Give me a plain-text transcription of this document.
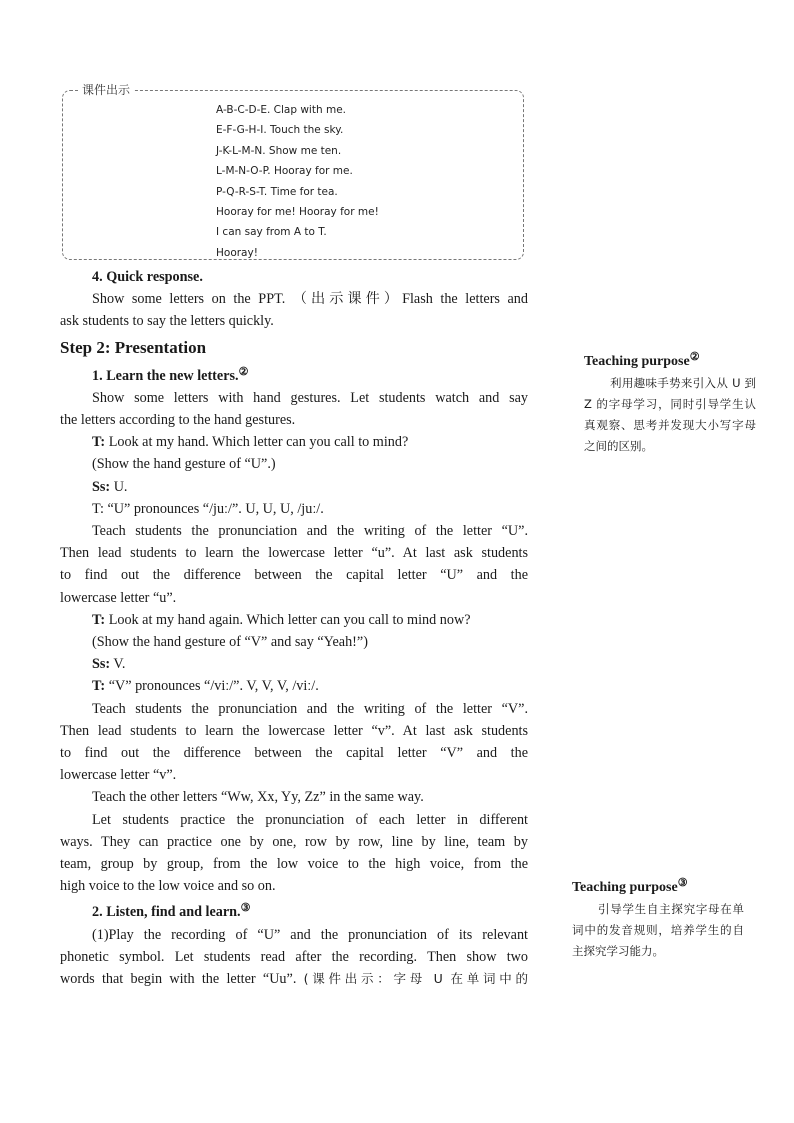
课件出示
A-B-C-D-E. Clap with me.
E-F-G-H-I. Touch the sky.
J-K-L-M-N. Show me ten.
L-M-N-O-P. Hooray for me.
P-Q-R-S-T. Time for tea.
Hooray for me! Hooray for me!
I can say from A to T.
Hooray!

4. Quick response.

Show some letters on the PPT. （出示课件）Flash the letters and

ask students to say the letters quickly.

Step 2: Presentation

1. Learn the new letters.②

Show some letters with hand gestures. Let students watch and say

the letters according to the hand gestures.

T: Look at my hand. Which letter can you call to mind?

(Show the hand gesture of “U”.)

Ss: U.

T: “U” pronounces “/juː/”. U, U, U, /juː/.

Teach students the pronunciation and the writing of the letter “U”.

Then lead students to learn the lowercase letter “u”. At last ask students

to find out the difference between the capital letter “U” and the

lowercase letter “u”.

T: Look at my hand again. Which letter can you call to mind now?

(Show the hand gesture of “V” and say “Yeah!”)

Ss: V.

T: “V” pronounces “/viː/”. V, V, V, /viː/.

Teach students the pronunciation and the writing of the letter “V”.

Then lead students to learn the lowercase letter “v”. At last ask students

to find out the difference between the capital letter “V” and the

lowercase letter “v”.

Teach the other letters “Ww, Xx, Yy, Zz” in the same way.

Let students practice the pronunciation of each letter in different

ways. They can practice one by one, row by row, line by line, team by

team, group by group, from the low voice to the high voice, from the

high voice to the low voice and so on.

2. Listen, find and learn.③

(1)Play the recording of “U” and the pronunciation of its relevant

phonetic symbol. Let students read after the recording. Then show two

words that begin with the letter “Uu”. (课件出示：字母 U 在单词中的

Teaching purpose②

利用趣味手势来引入从 U 到 Z 的字母学习，同时引导学生认真观察、思考并发现大小写字母之间的区别。

Teaching purpose③

引导学生自主探究字母在单词中的发音规则，培养学生的自主探究学习能力。
